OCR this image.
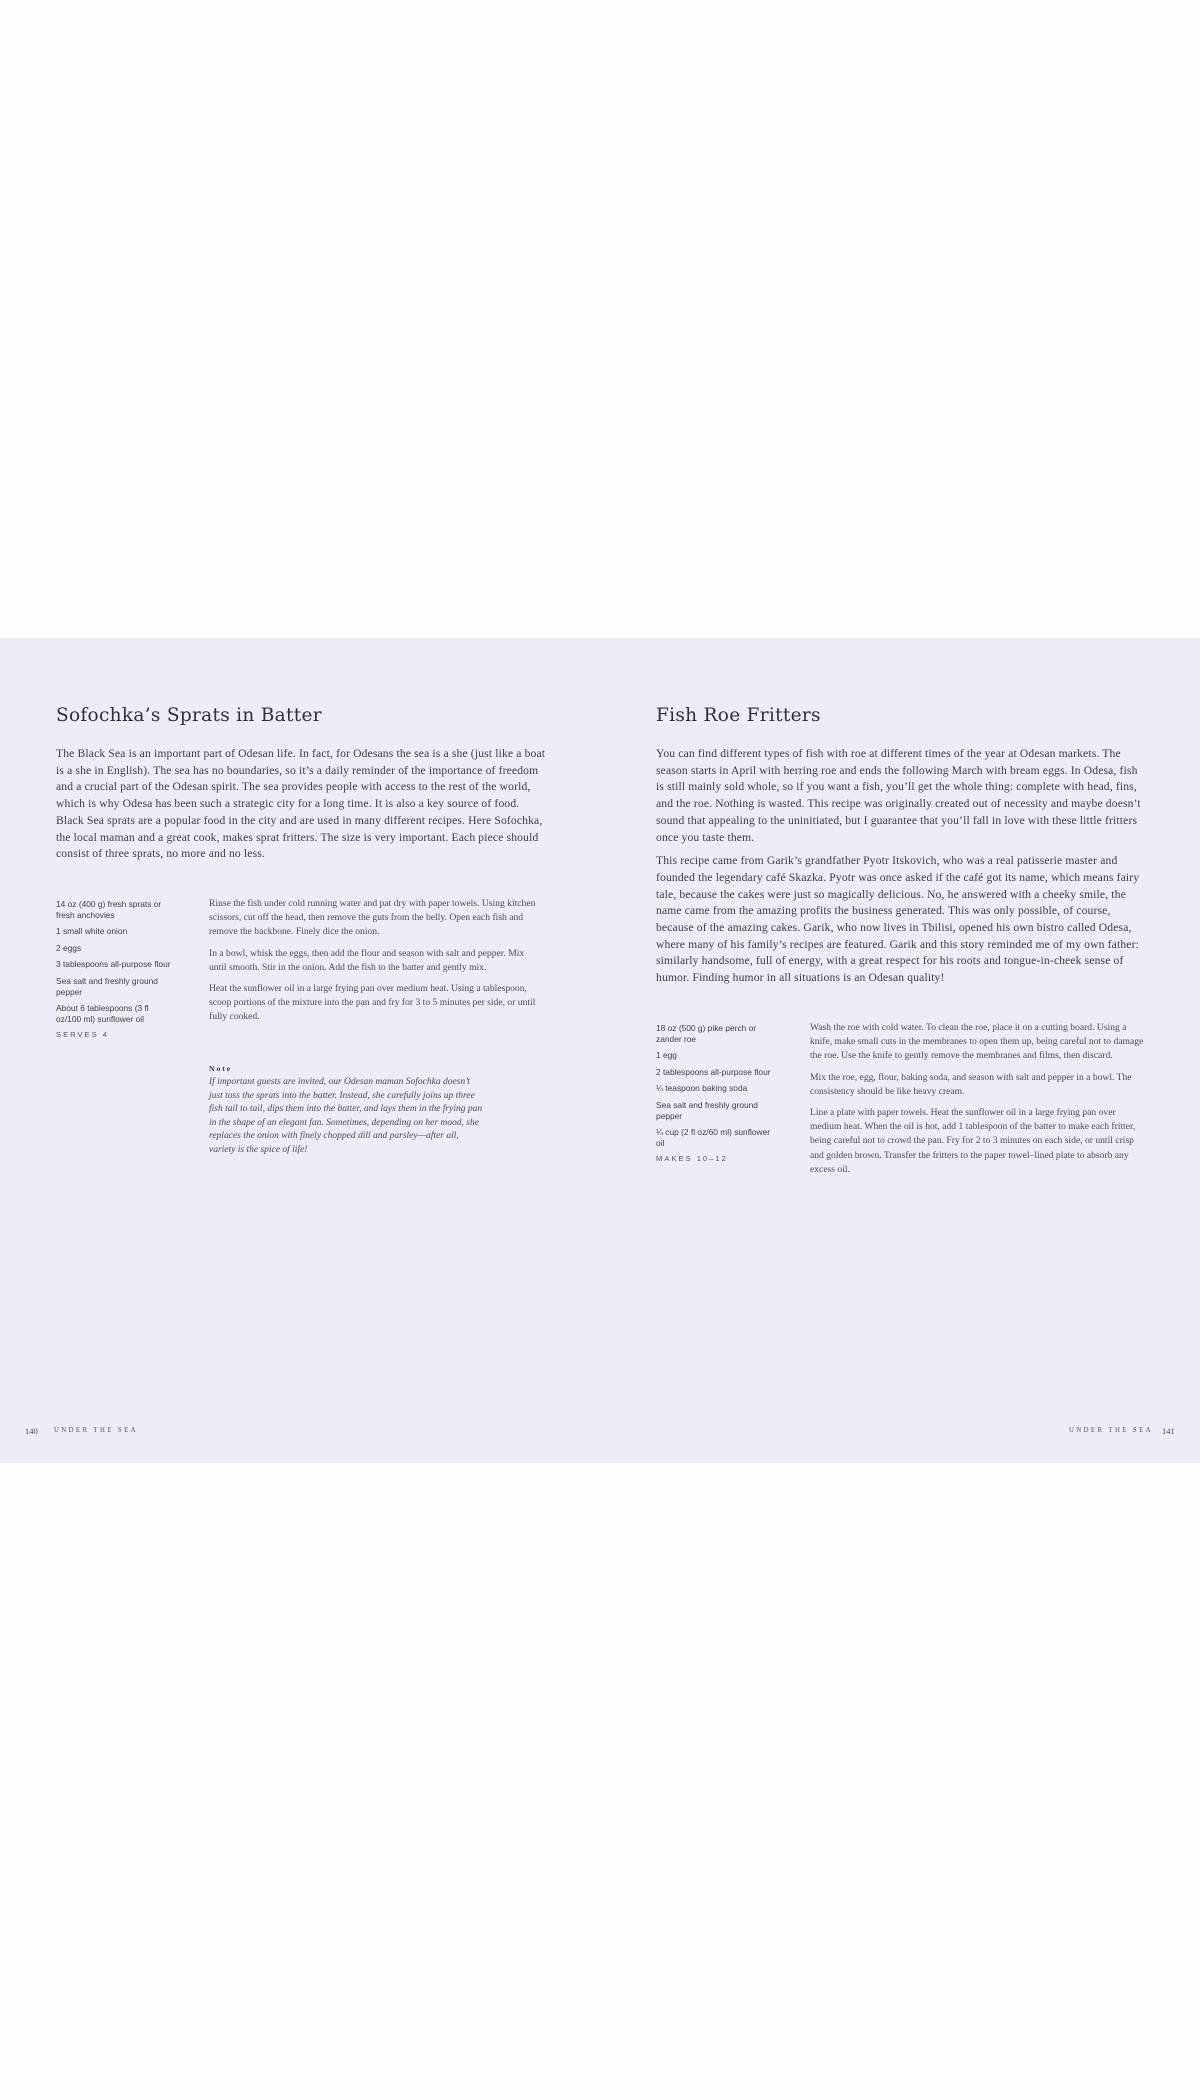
Sofochka’s Sprats in Batter

The Black Sea is an important part of Odesan life. In fact, for Odesans the sea is a she (just like a boat is a she in English). The sea has no boundaries, so it’s a daily reminder of the importance of freedom and a crucial part of the Odesan spirit. The sea provides people with access to the rest of the world, which is why Odesa has been such a strategic city for a long time. It is also a key source of food. Black Sea sprats are a popular food in the city and are used in many different recipes. Here Sofochka, the local maman and a great cook, makes sprat fritters. The size is very important. Each piece should consist of three sprats, no more and no less.

14 oz (400 g) fresh sprats or fresh anchovies
1 small white onion
2 eggs
3 tablespoons all-purpose flour
Sea salt and freshly ground pepper
About 6 tablespoons (3 fl oz/100 ml) sunflower oil
SERVES 4

Rinse the fish under cold running water and pat dry with paper towels. Using kitchen scissors, cut off the head, then remove the guts from the belly. Open each fish and remove the backbone. Finely dice the onion.

In a bowl, whisk the eggs, then add the flour and season with salt and pepper. Mix until smooth. Stir in the onion. Add the fish to the batter and gently mix.

Heat the sunflower oil in a large frying pan over medium heat. Using a tablespoon, scoop portions of the mixture into the pan and fry for 3 to 5 minutes per side, or until fully cooked.

Note

If important guests are invited, our Odesan maman Sofochka doesn’t just toss the sprats into the batter. Instead, she carefully joins up three fish tail to tail, dips them into the batter, and lays them in the frying pan in the shape of an elegant fan. Sometimes, depending on her mood, she replaces the onion with finely chopped dill and parsley—after all, variety is the spice of life!

140 UNDER THE SEA
Fish Roe Fritters

You can find different types of fish with roe at different times of the year at Odesan markets. The season starts in April with herring roe and ends the following March with bream eggs. In Odesa, fish is still mainly sold whole, so if you want a fish, you’ll get the whole thing: complete with head, fins, and the roe. Nothing is wasted. This recipe was originally created out of necessity and maybe doesn’t sound that appealing to the uninitiated, but I guarantee that you’ll fall in love with these little fritters once you taste them.

This recipe came from Garik’s grandfather Pyotr Itskovich, who was a real patisserie master and founded the legendary café Skazka. Pyotr was once asked if the café got its name, which means fairy tale, because the cakes were just so magically delicious. No, he answered with a cheeky smile, the name came from the amazing profits the business generated. This was only possible, of course, because of the amazing cakes. Garik, who now lives in Tbilisi, opened his own bistro called Odesa, where many of his family’s recipes are featured. Garik and this story reminded me of my own father: similarly handsome, full of energy, with a great respect for his roots and tongue-in-cheek sense of humor. Finding humor in all situations is an Odesan quality!

18 oz (500 g) pike perch or zander roe
1 egg
2 tablespoons all-purpose flour
¼ teaspoon baking soda
Sea salt and freshly ground pepper
¼ cup (2 fl oz/60 ml) sunflower oil
MAKES 10–12

Wash the roe with cold water. To clean the roe, place it on a cutting board. Using a knife, make small cuts in the membranes to open them up, being careful not to damage the roe. Use the knife to gently remove the membranes and films, then discard.

Mix the roe, egg, flour, baking soda, and season with salt and pepper in a bowl. The consistency should be like heavy cream.

Line a plate with paper towels. Heat the sunflower oil in a large frying pan over medium heat. When the oil is hot, add 1 tablespoon of the batter to make each fritter, being careful not to crowd the pan. Fry for 2 to 3 minutes on each side, or until crisp and golden brown. Transfer the fritters to the paper towel–lined plate to absorb any excess oil.

UNDER THE SEA 141
